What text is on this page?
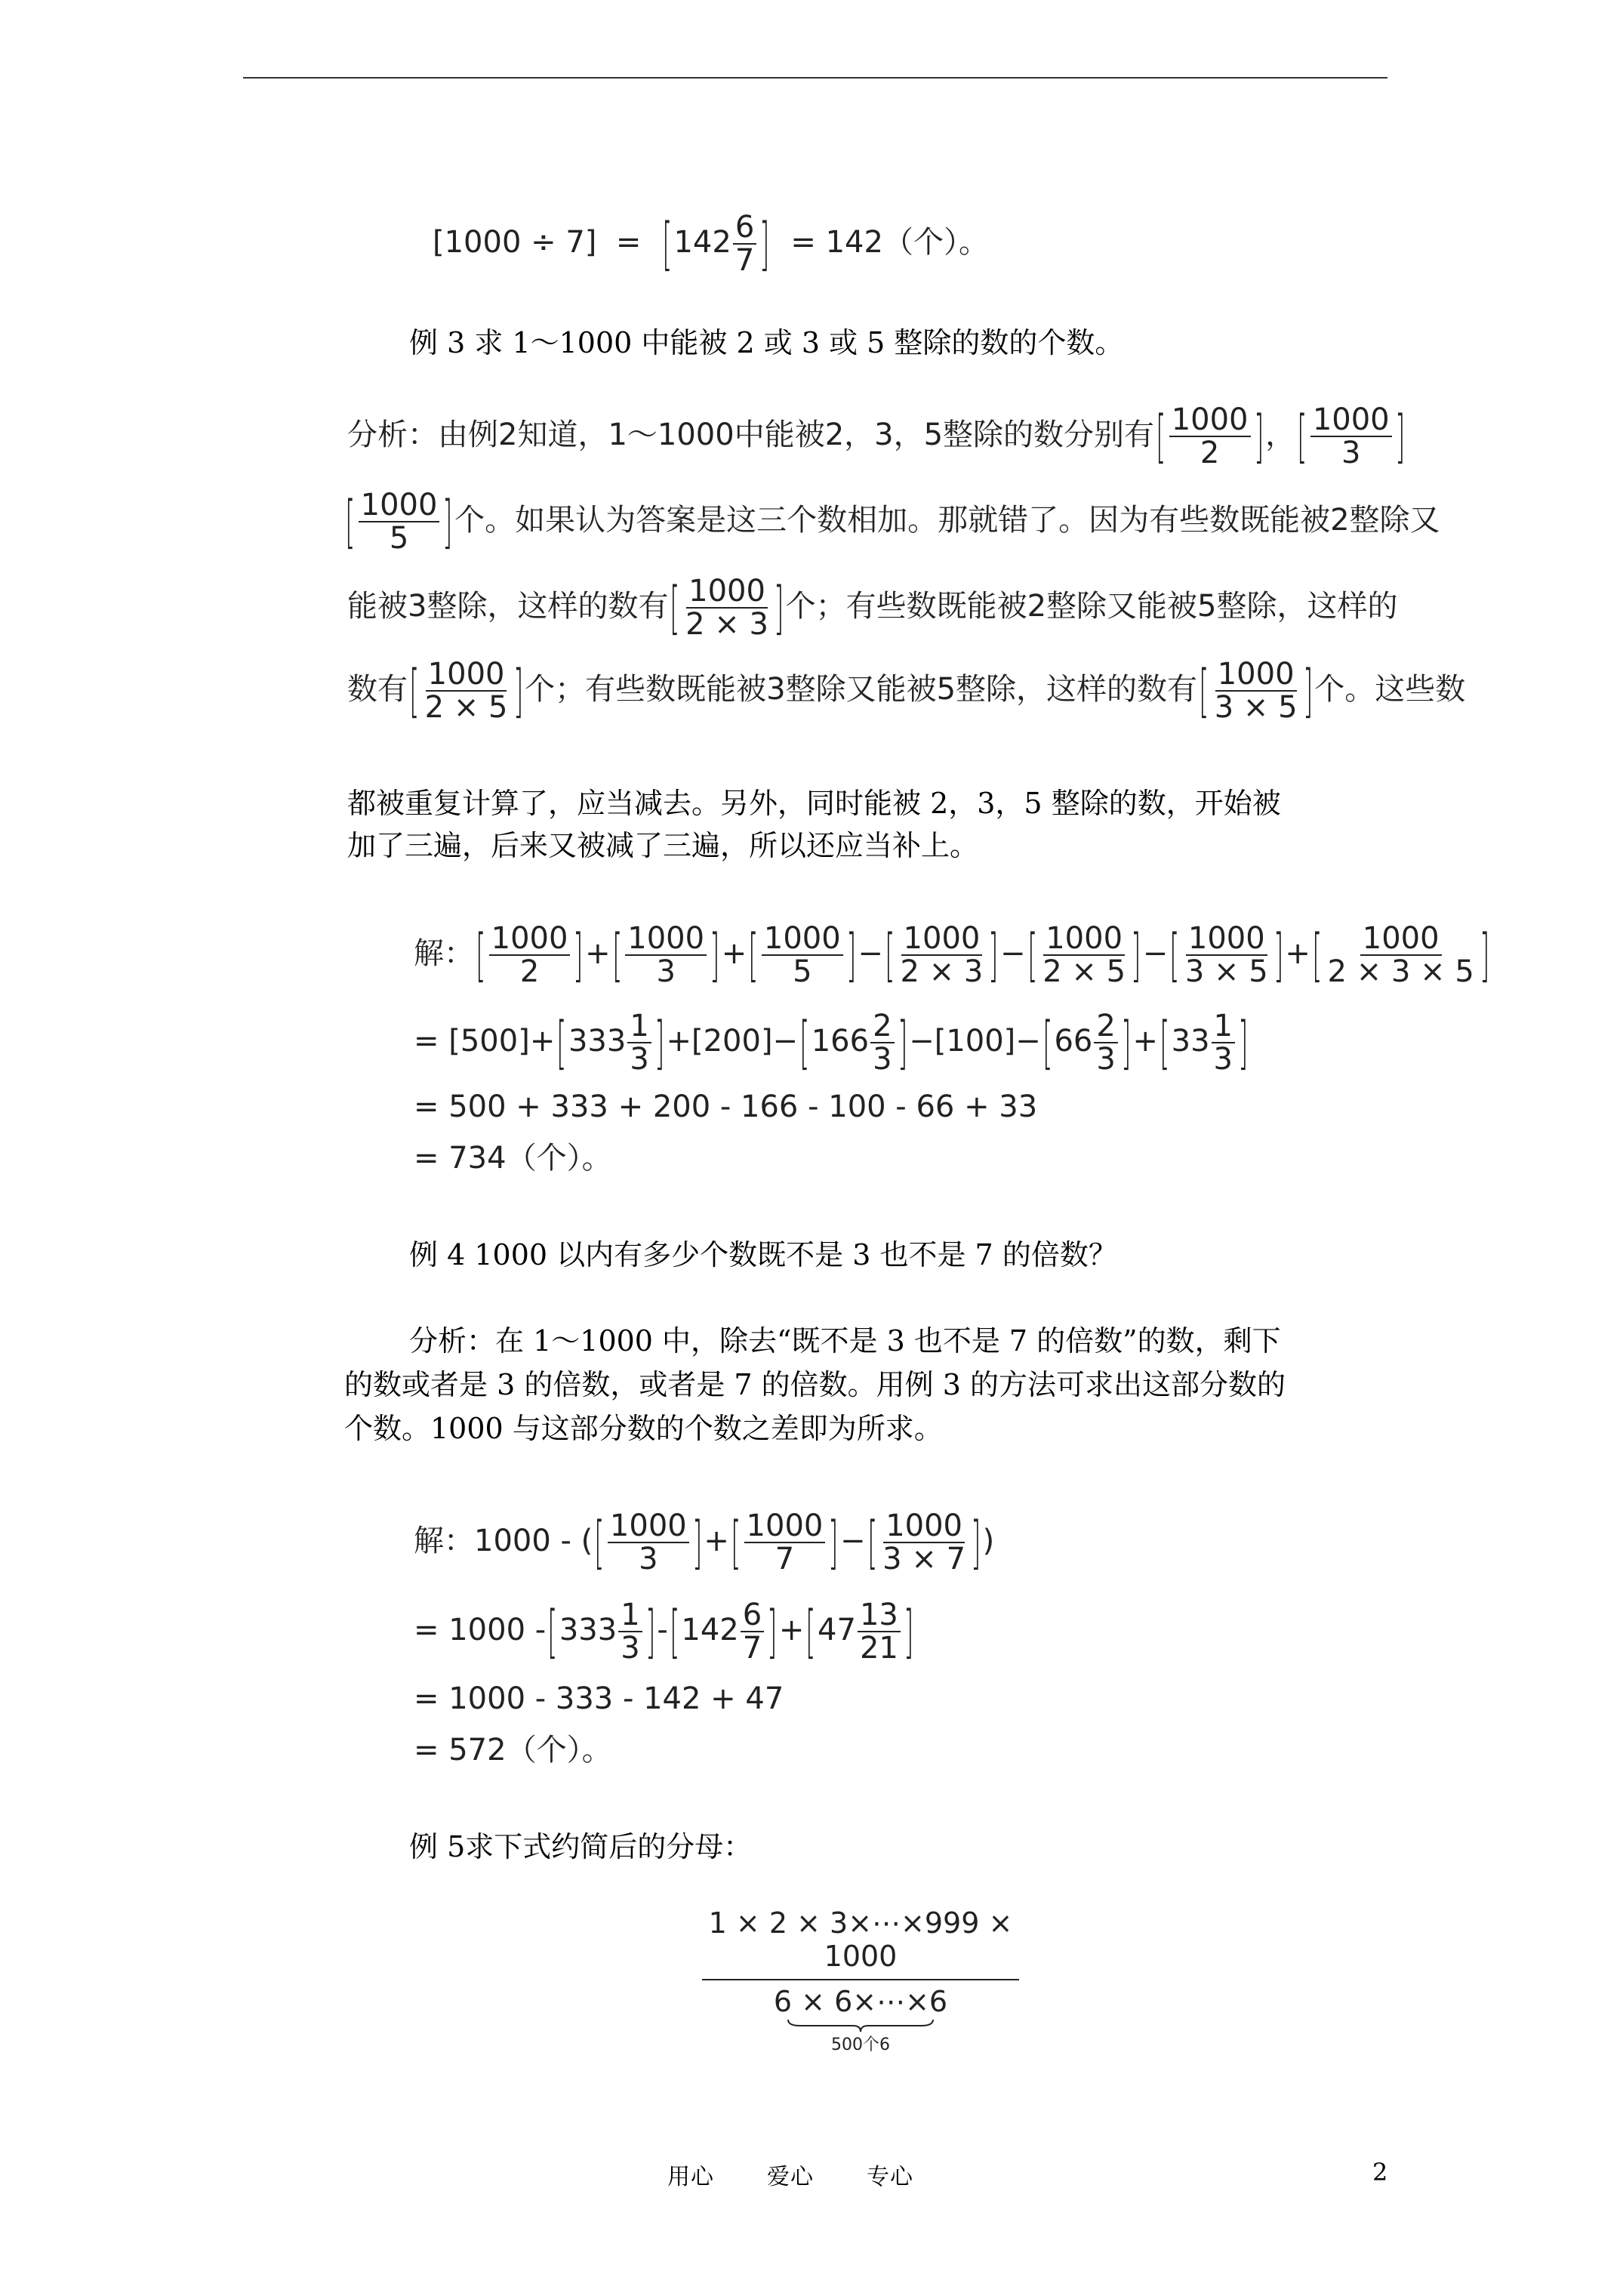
$[1000 \div 7] = [142 \frac{6}{7}$ ] = 142（个）。
例 3 求 1～1000 中能被 2 或 3 或 5 整除的数的个数。
分析：由例2知道，1～1000中能被2，3，5整除的数分别有[ $\frac{1000}{2}$ ]，[ $\frac{1000}{3}$ ]
[ $\frac{1000}{5}$ ]个。如果认为答案是这三个数相加。那就错了。因为有些数既能被2整除又
能被3整除，这样的数有[ $\frac{1000}{2 \times 3}$ ]个；有些数既能被2整除又能被5整除，这样的
数有[ $\frac{1000}{2 \times 5}$ ]个；有些数既能被3整除又能被5整除，这样的数有[ $\frac{1000}{3 \times 5}$ ]个。这些数
都被重复计算了，应当减去。另外，同时能被 2，3，5 整除的数，开始被
加了三遍，后来又被减了三遍，所以还应当补上。
解：[ $\frac{1000}{2}$ ]+[ $\frac{1000}{3}$ ]+[ $\frac{1000}{5}$ ]−[ $\frac{1000}{2 \times 3}$ ]−[ $\frac{1000}{2 \times 5}$ ]−[ $\frac{1000}{3 \times 5}$ ]+[ $\frac{1000}{2 \times 3 \times 5}$ ]
= $[500]+[333 \frac{1}{3} ]+[200]-[166 \frac{2}{3} ]-[100]-[66 \frac{2}{3} ]+[33 \frac{1}{3}$ ]
= 500 + 333 + 200 - 166 - 100 - 66 + 33
= 734（个）。
例 4 1000 以内有多少个数既不是 3 也不是 7 的倍数？
分析：在 1～1000 中，除去“既不是 3 也不是 7 的倍数”的数，剩下
的数或者是 3 的倍数，或者是 7 的倍数。用例 3 的方法可求出这部分数的
个数。1000 与这部分数的个数之差即为所求。
解：1000 - ([ $\frac{1000}{3}$ ]+[ $\frac{1000}{7}$ ]−[ $\frac{1000}{3 \times 7}$ ])
= 1000 $-[333 \frac{1}{3} ]-[142 \frac{6}{7} ]+[47 \frac{13}{21}$ ]
= 1000 - 333 - 142 + 47
= 572（个）。
例 5求下式约简后的分母：
1 × 2 × 3×⋯×999 × 1000
6 × 6×⋯×6
500个6
用心 爱心 专心	2
